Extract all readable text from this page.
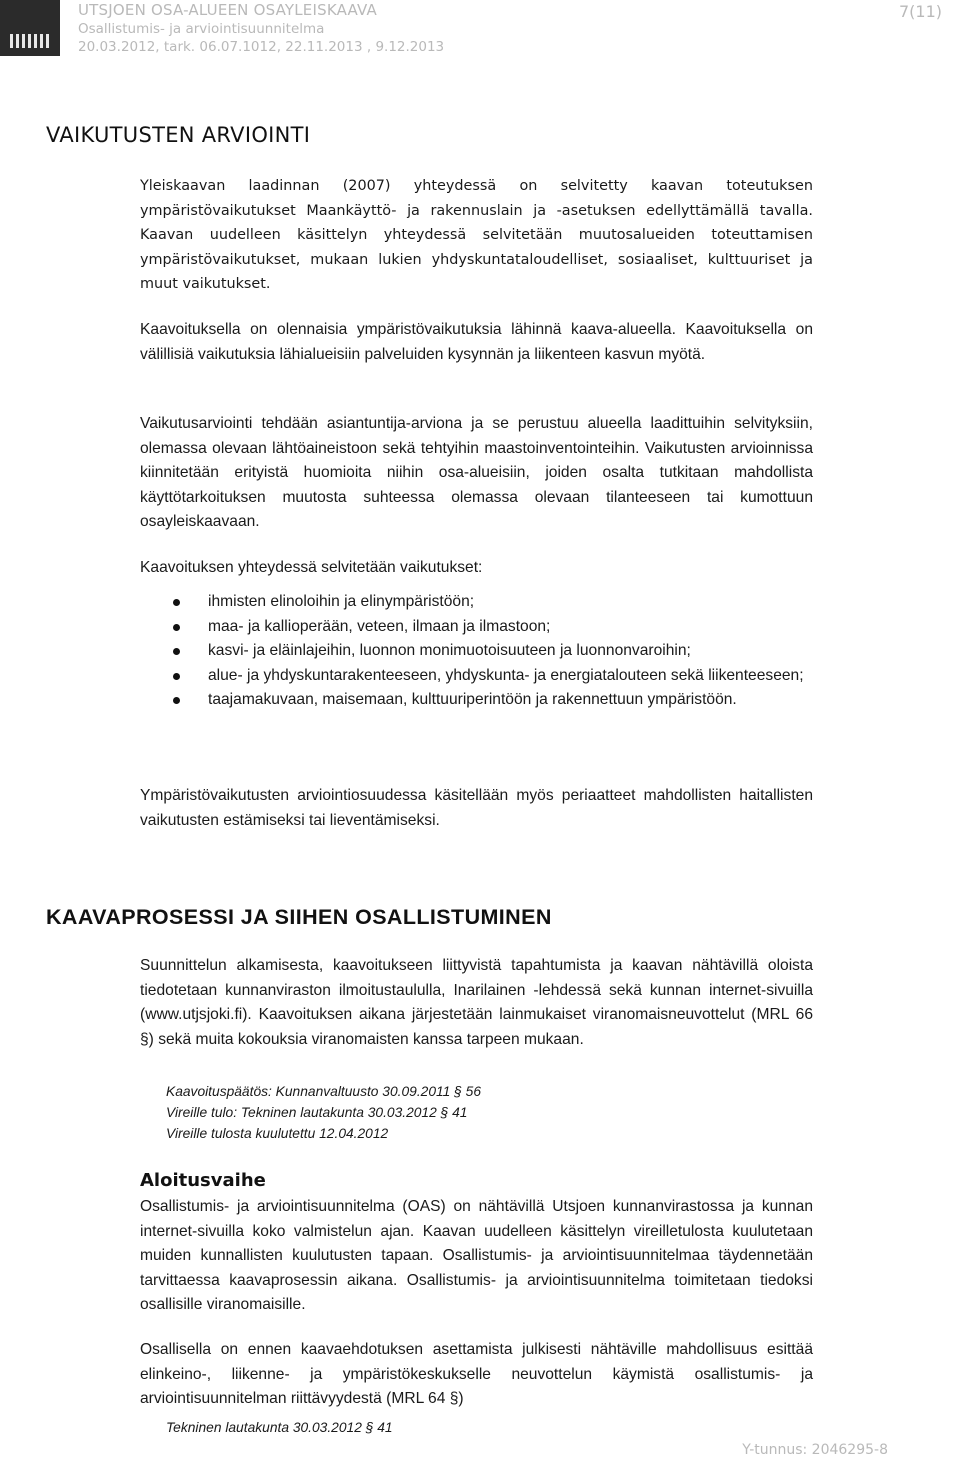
UTSJOEN OSA-ALUEEN OSAYLEISKAAVA
Osallistumis- ja arviointisuunnitelma
20.03.2012, tark. 06.07.1012, 22.11.2013 , 9.12.2013
7(11)
VAIKUTUSTEN ARVIOINTI

Yleiskaavan laadinnan (2007) yhteydessä on selvitetty kaavan toteutuksen ympäristövaikutukset Maankäyttö- ja rakennuslain ja -asetuksen edellyttämällä tavalla. Kaavan uudelleen käsittelyn yhteydessä selvitetään muutosalueiden toteuttamisen ympäristövaikutukset, mukaan lukien yhdyskuntataloudelliset, sosiaaliset, kulttuuriset ja muut vaikutukset.

Kaavoituksella on olennaisia ympäristövaikutuksia lähinnä kaava-alueella. Kaavoituksella on välillisiä vaikutuksia lähialueisiin palveluiden kysynnän ja liikenteen kasvun myötä.

Vaikutusarviointi tehdään asiantuntija-arviona ja se perustuu alueella laadittuihin selvityksiin, olemassa olevaan lähtöaineistoon sekä tehtyihin maastoinventointeihin. Vaikutusten arvioinnissa kiinnitetään erityistä huomioita niihin osa-alueisiin, joiden osalta tutkitaan mahdollista käyttötarkoituksen muutosta suhteessa olemassa olevaan tilanteeseen tai kumottuun osayleiskaavaan.

Kaavoituksen yhteydessä selvitetään vaikutukset:

ihmisten elinoloihin ja elinympäristöön;
maa- ja kallioperään, veteen, ilmaan ja ilmastoon;
kasvi- ja eläinlajeihin, luonnon monimuotoisuuteen ja luonnonvaroihin;
alue- ja yhdyskuntarakenteeseen, yhdyskunta- ja energiatalouteen sekä liikenteeseen;
taajamakuvaan, maisemaan, kulttuuriperintöön ja rakennettuun ympäristöön.

Ympäristövaikutusten arviointiosuudessa käsitellään myös periaatteet mahdollisten haitallisten vaikutusten estämiseksi tai lieventämiseksi.

KAAVAPROSESSI JA SIIHEN OSALLISTUMINEN

Suunnittelun alkamisesta, kaavoitukseen liittyvistä tapahtumista ja kaavan nähtävillä oloista tiedotetaan kunnanviraston ilmoitustaululla, Inarilainen -lehdessä sekä kunnan internet-sivuilla (www.utjsjoki.fi). Kaavoituksen aikana järjestetään lainmukaiset viranomaisneuvottelut (MRL 66 §) sekä muita kokouksia viranomaisten kanssa tarpeen mukaan.

Kaavoituspäätös: Kunnanvaltuusto 30.09.2011 § 56
Vireille tulo: Tekninen lautakunta 30.03.2012 § 41
Vireille tulosta kuulutettu 12.04.2012
Aloitusvaihe

Osallistumis- ja arviointisuunnitelma (OAS) on nähtävillä Utsjoen kunnanvirastossa ja kunnan internet-sivuilla koko valmistelun ajan. Kaavan uudelleen käsittelyn vireilletulosta kuulutetaan muiden kunnallisten kuulutusten tapaan. Osallistumis- ja arviointisuunnitelmaa täydennetään tarvittaessa kaavaprosessin aikana. Osallistumis- ja arviointisuunnitelma toimitetaan tiedoksi osallisille viranomaisille.

Osallisella on ennen kaavaehdotuksen asettamista julkisesti nähtäville mahdollisuus esittää elinkeino-, liikenne- ja ympäristökeskukselle neuvottelun käymistä osallistumis- ja arviointisuunnitelman riittävyydestä (MRL 64 §)

Tekninen lautakunta 30.03.2012 § 41
Y-tunnus: 2046295-8
